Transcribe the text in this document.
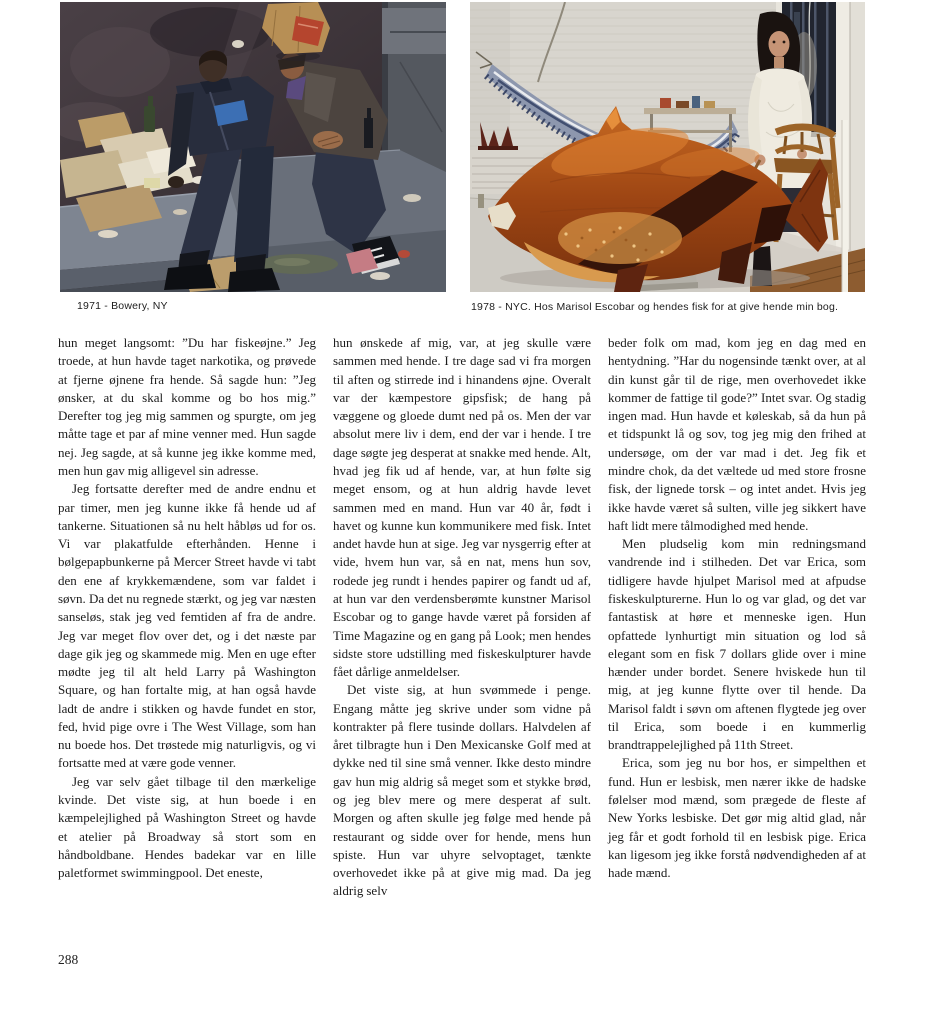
1971 - Bowery, NY	1978 - NYC. Hos Marisol Escobar og hendes fisk for at give hende min bog.

hun meget langsomt: ”Du har fiskeøjne.” Jeg troede, at hun havde taget narkotika, og prøvede at fjerne øjnene fra hende. Så sagde hun: ”Jeg ønsker, at du skal komme og bo hos mig.” Derefter tog jeg mig sammen og spurgte, om jeg måtte tage et par af mine venner med. Hun sagde nej. Jeg sagde, at så kunne jeg ikke komme med, men hun gav mig alligevel sin adresse.

Jeg fortsatte derefter med de andre endnu et par timer, men jeg kunne ikke få hende ud af tankerne. Situationen så nu helt håbløs ud for os. Vi var plakatfulde efterhånden. Henne i bølgepapbunkerne på Mercer Street havde vi tabt den ene af krykkemændene, som var faldet i søvn. Da det nu regnede stærkt, og jeg var næsten sanseløs, stak jeg ved femtiden af fra de andre. Jeg var meget flov over det, og i det næste par dage gik jeg og skammede mig. Men en uge efter mødte jeg til alt held Larry på Washington Square, og han fortalte mig, at han også havde ladt de andre i stikken og havde fundet en stor, fed, hvid pige ovre i The West Village, som han nu boede hos. Det trøstede mig naturligvis, og vi fortsatte med at være gode venner.

Jeg var selv gået tilbage til den mærkelige kvinde. Det viste sig, at hun boede i en kæmpelejlighed på Washington Street og havde et atelier på Broadway så stort som en håndboldbane. Hendes badekar var en lille paletformet swimmingpool. Det eneste,

hun ønskede af mig, var, at jeg skulle være sammen med hende. I tre dage sad vi fra morgen til aften og stirrede ind i hinandens øjne. Overalt var der kæmpestore gipsfisk; de hang på væggene og gloede dumt ned på os. Men der var absolut mere liv i dem, end der var i hende. I tre dage søgte jeg desperat at snakke med hende. Alt, hvad jeg fik ud af hende, var, at hun følte sig meget ensom, og at hun aldrig havde levet sammen med en mand. Hun var 40 år, født i havet og kunne kun kommunikere med fisk. Intet andet havde hun at sige. Jeg var nysgerrig efter at vide, hvem hun var, så en nat, mens hun sov, rodede jeg rundt i hendes papirer og fandt ud af, at hun var den verdensberømte kunstner Marisol Escobar og to gange havde været på forsiden af Time Magazine og en gang på Look; men hendes sidste store udstilling med fiskeskulpturer havde fået dårlige anmeldelser.

Det viste sig, at hun svømmede i penge. Engang måtte jeg skrive under som vidne på kontrakter på flere tusinde dollars. Halvdelen af året tilbragte hun i Den Mexicanske Golf med at dykke ned til sine små venner. Ikke desto mindre gav hun mig aldrig så meget som et stykke brød, og jeg blev mere og mere desperat af sult. Morgen og aften skulle jeg følge med hende på restaurant og sidde over for hende, mens hun spiste. Hun var uhyre selvoptaget, tænkte overhovedet ikke på at give mig mad. Da jeg aldrig selv

beder folk om mad, kom jeg en dag med en hentydning. ”Har du nogensinde tænkt over, at al din kunst går til de rige, men overhovedet ikke kommer de fattige til gode?” Intet svar. Og stadig ingen mad. Hun havde et køleskab, så da hun på et tidspunkt lå og sov, tog jeg mig den frihed at undersøge, om der var mad i det. Jeg fik et mindre chok, da det væltede ud med store frosne fisk, der lignede torsk – og intet andet. Hvis jeg ikke havde været så sulten, ville jeg sikkert have haft lidt mere tålmodighed med hende.

Men pludselig kom min redningsmand vandrende ind i stilheden. Det var Erica, som tidligere havde hjulpet Marisol med at afpudse fiskeskulpturerne. Hun lo og var glad, og det var fantastisk at høre et menneske igen. Hun opfattede lynhurtigt min situation og lod så elegant som en fisk 7 dollars glide over i mine hænder under bordet. Senere hviskede hun til mig, at jeg kunne flytte over til hende. Da Marisol faldt i søvn om aftenen flygtede jeg over til Erica, som boede i en kummerlig brandtrappelejlighed på 11th Street.

Erica, som jeg nu bor hos, er simpelthen et fund. Hun er lesbisk, men nærer ikke de hadske følelser mod mænd, som prægede de fleste af New Yorks lesbiske. Det gør mig altid glad, når jeg får et godt forhold til en lesbisk pige. Erica kan ligesom jeg ikke forstå nødvendigheden af at hade mænd.

288
